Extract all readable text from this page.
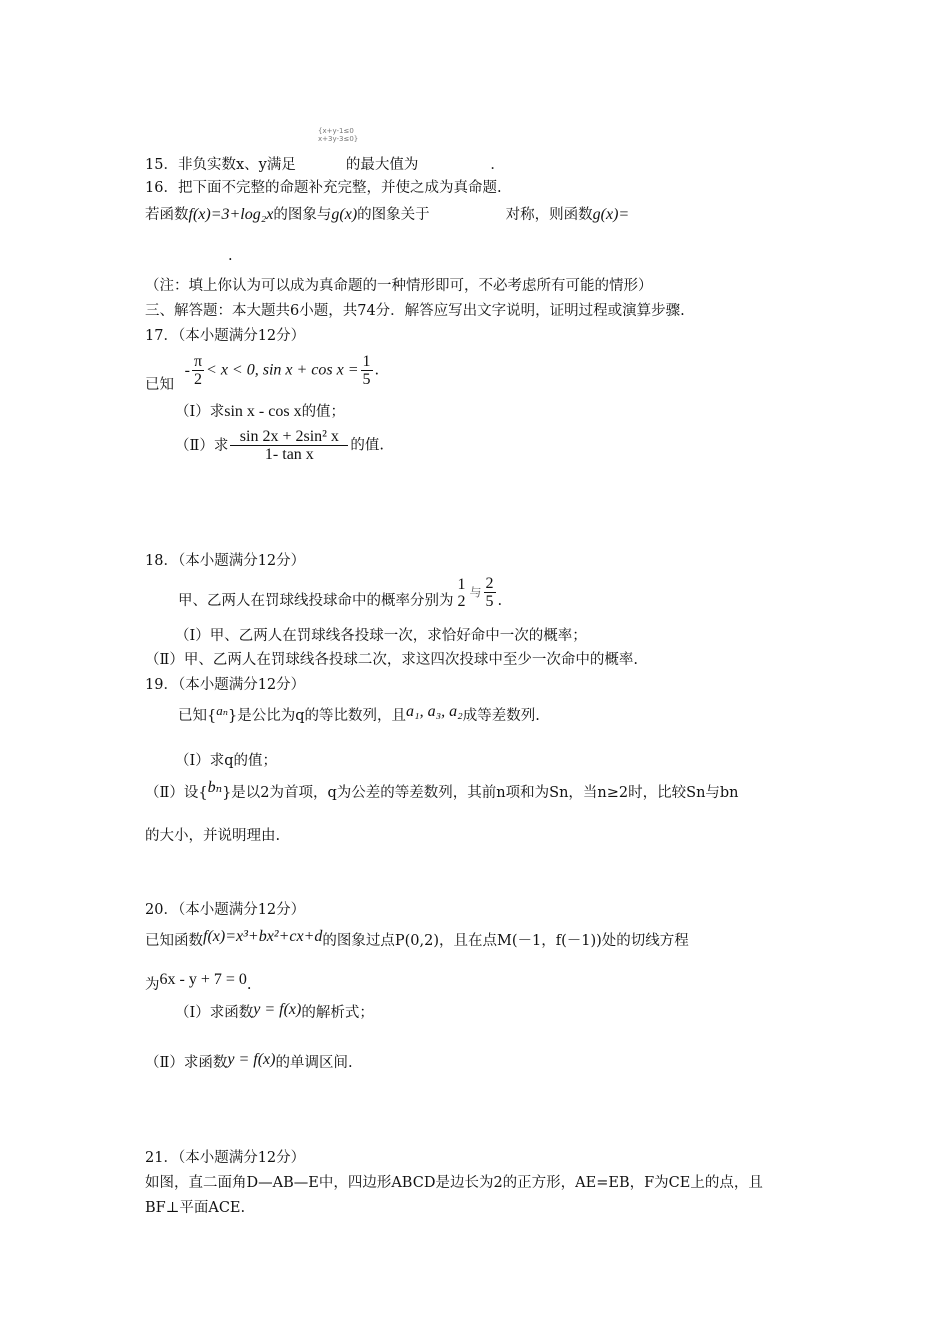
{x+y-1≤0
x+3y-3≤0}
15．非负实数x、y满足	的最大值为	．
16．把下面不完整的命题补充完整，并使之成为真命题.
若函数f(x)=3+log₂x的图象与g(x)的图象关于	对称，则函数g(x)=
.
（注：填上你认为可以成为真命题的一种情形即可，不必考虑所有可能的情形）
三、解答题：本大题共6小题，共74分．解答应写出文字说明，证明过程或演算步骤.
17．（本小题满分12分）
已知 - $\frac{\pi}{2} < x < 0$, $\sin x + \cos x = \frac{1}{5}$ .
（Ⅰ）求sin x - cos x的值；
（Ⅱ）求 $\frac{\text{sin 2x + 2sin² x}}{\text{1- tan x}}$ 的值.
18．（本小题满分12分）
甲、乙两人在罚球线投球命中的概率分别为
1
2 与 $\frac{2}{5}$ .
（Ⅰ）甲、乙两人在罚球线各投球一次，求恰好命中一次的概率；
（Ⅱ）甲、乙两人在罚球线各投球二次，求这四次投球中至少一次命中的概率.
19．（本小题满分12分）
已知{aₙ}是公比为q的等比数列，且a₁, a₃, a₂成等差数列.
（Ⅰ）求q的值；
（Ⅱ）设{bₙ}是以2为首项，q为公差的等差数列，其前n项和为Sn，当n≥2时，比较Sn与bn
的大小，并说明理由.
20．（本小题满分12分）
已知函数f(x)=x³+bx²+cx+d的图象过点P(0,2)，且在点M(－1，f(－1))处的切线方程
为6x - y + 7 = 0.
（Ⅰ）求函数y = f(x)的解析式；
（Ⅱ）求函数y = f(x)的单调区间.
21．（本小题满分12分）
如图，直二面角D—AB—E中，四边形ABCD是边长为2的正方形，AE=EB，F为CE上的点，且
BF⊥平面ACE.
